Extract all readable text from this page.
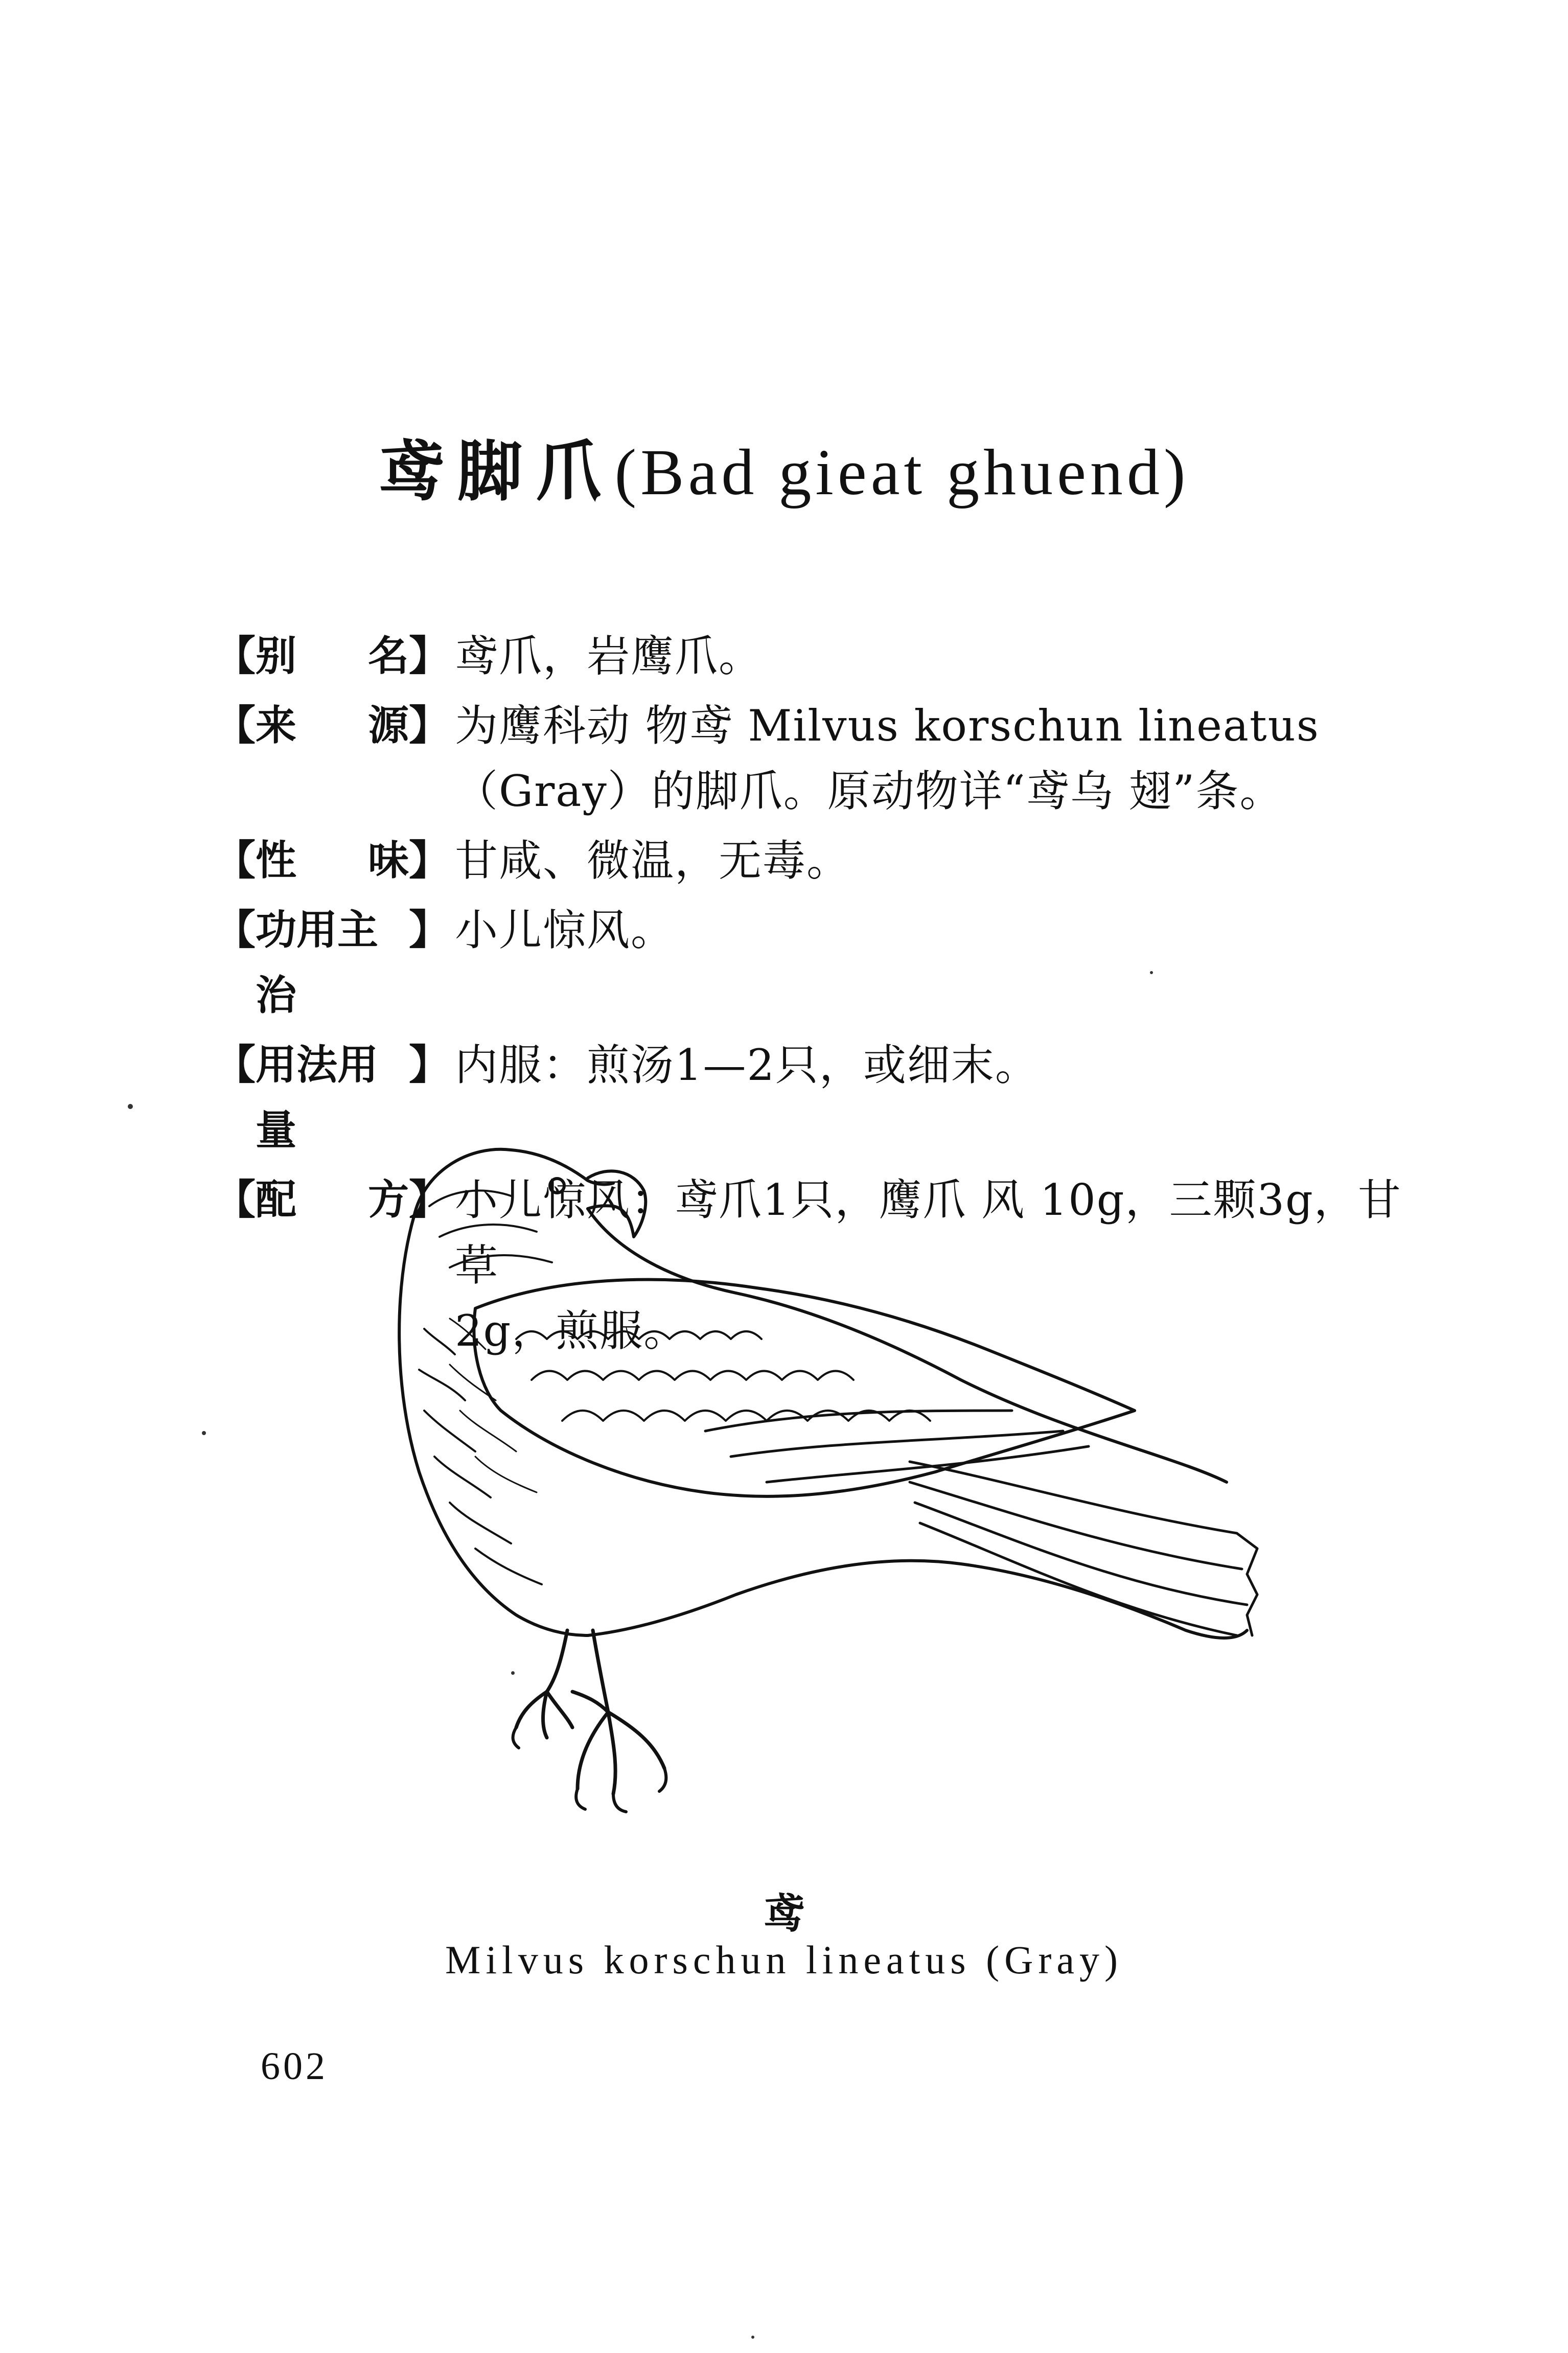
鸢脚爪(Bad gieat ghuend)
【 别 名 】 鸢爪，岩鹰爪。
【 来 源 】 为鹰科动 物鸢 Milvus korschun lineatus
（Gray）的脚爪。原动物详“鸢乌 翅”条。
【 性 味 】 甘咸、微温，无毒。
【 功用主治
】 小儿惊风。
【 用法用量
】 内服：煎汤1—2只，或细末。
【 配 方 】 小儿惊风：鸢爪1只，鹰爪 风 10g，三颗3g，甘草
2g，煎服。
鸢
Milvus korschun lineatus (Gray)
602
